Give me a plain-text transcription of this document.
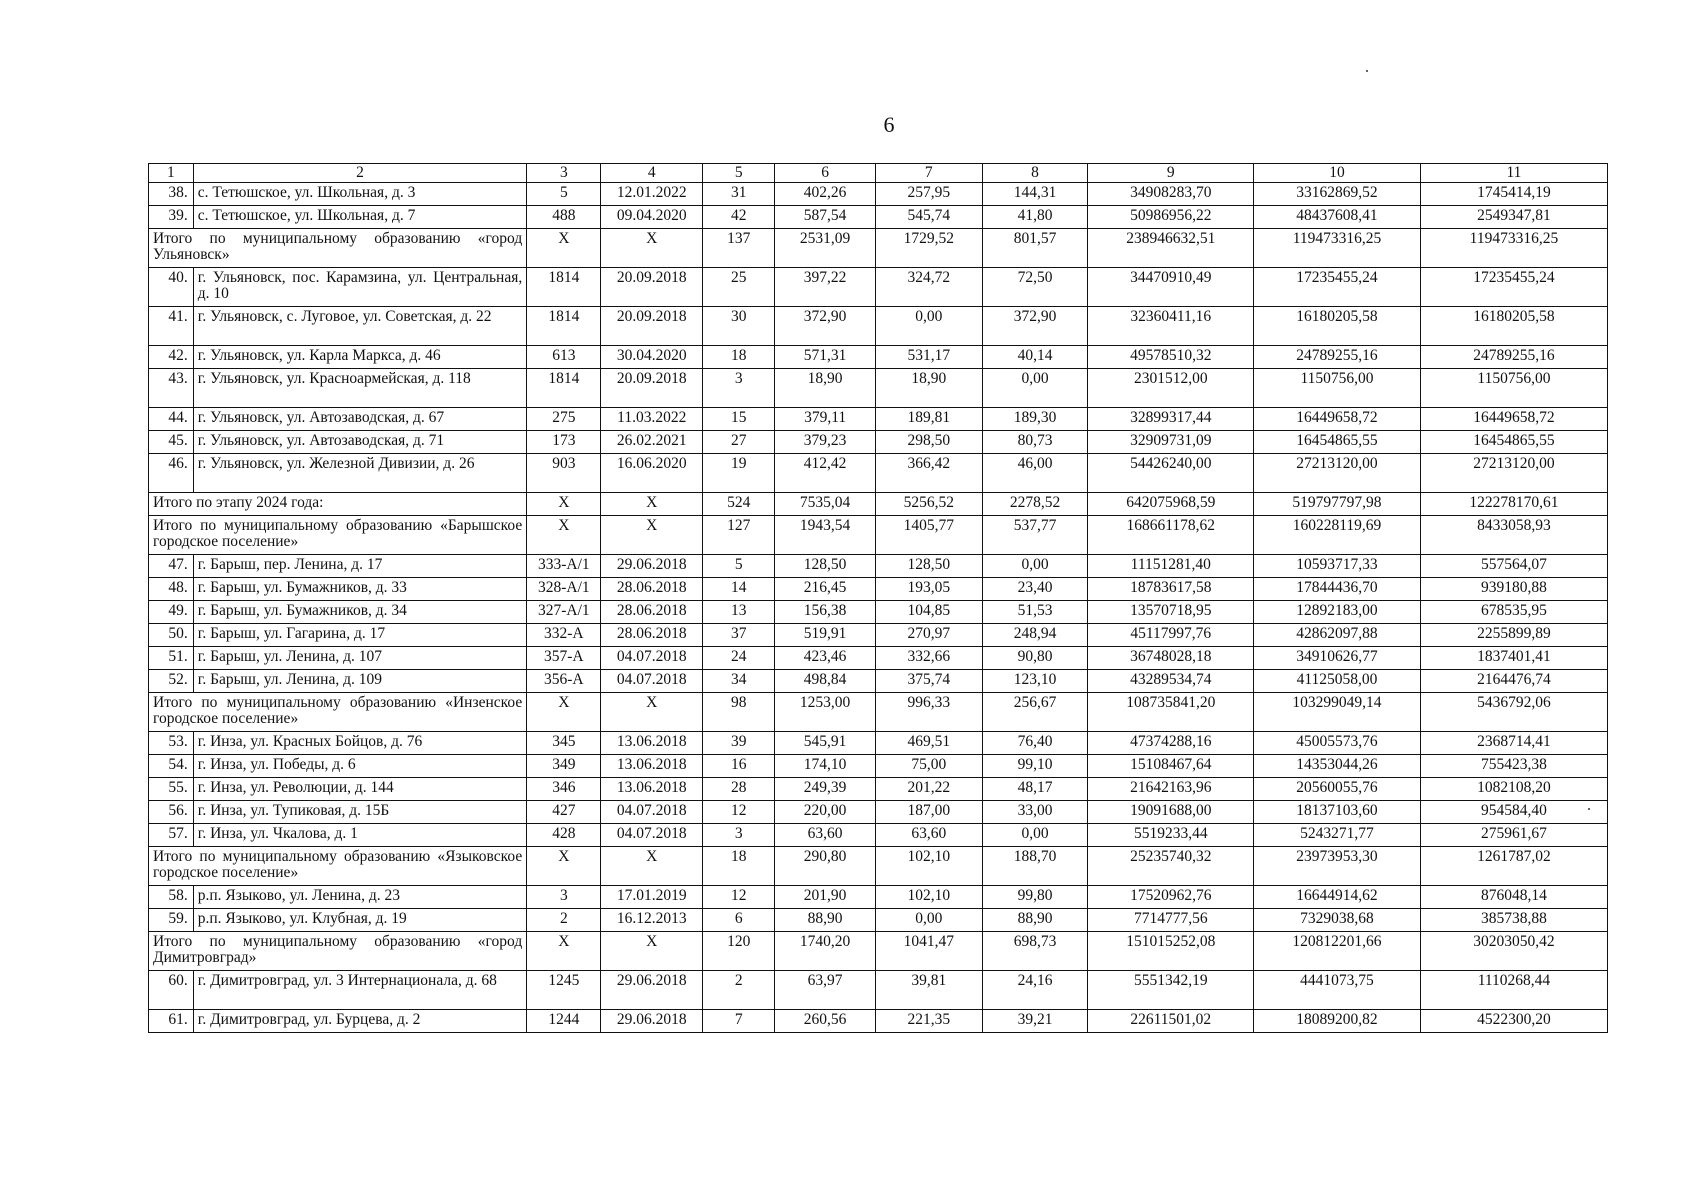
6
1	2	3	4	5	6	7	8	9	10	11
38.	с. Тетюшское, ул. Школьная, д. 3	5	12.01.2022	31	402,26	257,95	144,31	34908283,70	33162869,52	1745414,19
39.	с. Тетюшское, ул. Школьная, д. 7	488	09.04.2020	42	587,54	545,74	41,80	50986956,22	48437608,41	2549347,81
Итого по муниципальному образованию «город Ульяновск»		X	X	137	2531,09	1729,52	801,57	238946632,51	119473316,25	119473316,25
40.	г. Ульяновск, пос. Карамзина, ул. Центральная, д. 10	1814	20.09.2018	25	397,22	324,72	72,50	34470910,49	17235455,24	17235455,24
41.	г. Ульяновск, с. Луговое, ул. Советская, д. 22	1814	20.09.2018	30	372,90	0,00	372,90	32360411,16	16180205,58	16180205,58
42.	г. Ульяновск, ул. Карла Маркса, д. 46	613	30.04.2020	18	571,31	531,17	40,14	49578510,32	24789255,16	24789255,16
43.	г. Ульяновск, ул. Красноармейская, д. 118	1814	20.09.2018	3	18,90	18,90	0,00	2301512,00	1150756,00	1150756,00
44.	г. Ульяновск, ул. Автозаводская, д. 67	275	11.03.2022	15	379,11	189,81	189,30	32899317,44	16449658,72	16449658,72
45.	г. Ульяновск, ул. Автозаводская, д. 71	173	26.02.2021	27	379,23	298,50	80,73	32909731,09	16454865,55	16454865,55
46.	г. Ульяновск, ул. Железной Дивизии, д. 26	903	16.06.2020	19	412,42	366,42	46,00	54426240,00	27213120,00	27213120,00
Итого по этапу 2024 года:		X	X	524	7535,04	5256,52	2278,52	642075968,59	519797797,98	122278170,61
Итого по муниципальному образованию «Барышское городское поселение»		X	X	127	1943,54	1405,77	537,77	168661178,62	160228119,69	8433058,93
47.	г. Барыш, пер. Ленина, д. 17	333-А/1	29.06.2018	5	128,50	128,50	0,00	11151281,40	10593717,33	557564,07
48.	г. Барыш, ул. Бумажников, д. 33	328-А/1	28.06.2018	14	216,45	193,05	23,40	18783617,58	17844436,70	939180,88
49.	г. Барыш, ул. Бумажников, д. 34	327-А/1	28.06.2018	13	156,38	104,85	51,53	13570718,95	12892183,00	678535,95
50.	г. Барыш, ул. Гагарина, д. 17	332-А	28.06.2018	37	519,91	270,97	248,94	45117997,76	42862097,88	2255899,89
51.	г. Барыш, ул. Ленина, д. 107	357-А	04.07.2018	24	423,46	332,66	90,80	36748028,18	34910626,77	1837401,41
52.	г. Барыш, ул. Ленина, д. 109	356-А	04.07.2018	34	498,84	375,74	123,10	43289534,74	41125058,00	2164476,74
Итого по муниципальному образованию «Инзенское городское поселение»		X	X	98	1253,00	996,33	256,67	108735841,20	103299049,14	5436792,06
53.	г. Инза, ул. Красных Бойцов, д. 76	345	13.06.2018	39	545,91	469,51	76,40	47374288,16	45005573,76	2368714,41
54.	г. Инза, ул. Победы, д. 6	349	13.06.2018	16	174,10	75,00	99,10	15108467,64	14353044,26	755423,38
55.	г. Инза, ул. Революции, д. 144	346	13.06.2018	28	249,39	201,22	48,17	21642163,96	20560055,76	1082108,20
56.	г. Инза, ул. Тупиковая, д. 15Б	427	04.07.2018	12	220,00	187,00	33,00	19091688,00	18137103,60	954584,40
57.	г. Инза, ул. Чкалова, д. 1	428	04.07.2018	3	63,60	63,60	0,00	5519233,44	5243271,77	275961,67
Итого по муниципальному образованию «Языковское городское поселение»		X	X	18	290,80	102,10	188,70	25235740,32	23973953,30	1261787,02
58.	р.п. Языково, ул. Ленина, д. 23	3	17.01.2019	12	201,90	102,10	99,80	17520962,76	16644914,62	876048,14
59.	р.п. Языково, ул. Клубная, д. 19	2	16.12.2013	6	88,90	0,00	88,90	7714777,56	7329038,68	385738,88
Итого по муниципальному образованию «город Димитровград»		X	X	120	1740,20	1041,47	698,73	151015252,08	120812201,66	30203050,42
60.	г. Димитровград, ул. 3 Интернационала, д. 68	1245	29.06.2018	2	63,97	39,81	24,16	5551342,19	4441073,75	1110268,44
61.	г. Димитровград, ул. Бурцева, д. 2	1244	29.06.2018	7	260,56	221,35	39,21	22611501,02	18089200,82	4522300,20
